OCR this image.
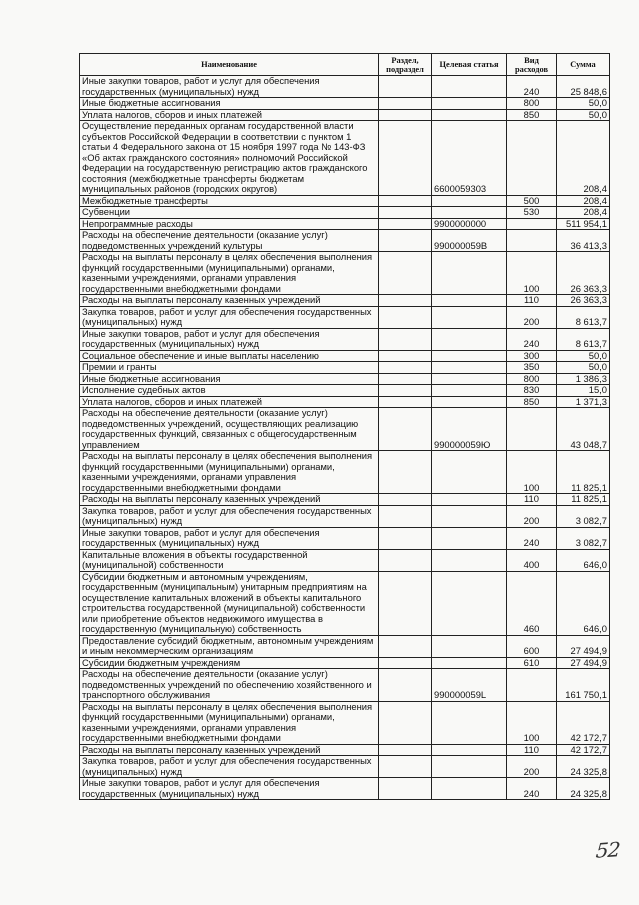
Наименование	Раздел, подраздел	Целевая статья	Вид расходов	Сумма
Иные закупки товаров, работ и услуг для обеспечения государственных (муниципальных) нужд			240	25 848,6
Иные бюджетные ассигнования			800	50,0
Уплата налогов, сборов и иных платежей			850	50,0
Осуществление переданных органам государственной власти субъектов Российской Федерации в соответствии с пунктом 1 статьи 4 Федерального закона от 15 ноября 1997 года № 143-ФЗ «Об актах гражданского состояния» полномочий Российской Федерации на государственную регистрацию актов гражданского состояния (межбюджетные трансферты бюджетам муниципальных районов (городских округов)		6600059303		208,4
Межбюджетные трансферты			500	208,4
Субвенции			530	208,4
Непрограммные расходы		9900000000		511 954,1
Расходы на обеспечение деятельности (оказание услуг) подведомственных учреждений культуры		990000059В		36 413,3
Расходы на выплаты персоналу в целях обеспечения выполнения функций государственными (муниципальными) органами, казенными учреждениями, органами управления государственными внебюджетными фондами			100	26 363,3
Расходы на выплаты персоналу казенных учреждений			110	26 363,3
Закупка товаров, работ и услуг для обеспечения государственных (муниципальных) нужд			200	8 613,7
Иные закупки товаров, работ и услуг для обеспечения государственных (муниципальных) нужд			240	8 613,7
Социальное обеспечение и иные выплаты населению			300	50,0
Премии и гранты			350	50,0
Иные бюджетные ассигнования			800	1 386,3
Исполнение судебных актов			830	15,0
Уплата налогов, сборов и иных платежей			850	1 371,3
Расходы на обеспечение деятельности (оказание услуг) подведомственных учреждений, осуществляющих реализацию государственных функций, связанных с общегосударственным управлением		990000059Ю		43 048,7
Расходы на выплаты персоналу в целях обеспечения выполнения функций государственными (муниципальными) органами, казенными учреждениями, органами управления государственными внебюджетными фондами			100	11 825,1
Расходы на выплаты персоналу казенных учреждений			110	11 825,1
Закупка товаров, работ и услуг для обеспечения государственных (муниципальных) нужд			200	3 082,7
Иные закупки товаров, работ и услуг для обеспечения государственных (муниципальных) нужд			240	3 082,7
Капитальные вложения в объекты государственной (муниципальной) собственности			400	646,0
Субсидии бюджетным и автономным учреждениям, государственным (муниципальным) унитарным предприятиям на осуществление капитальных вложений в объекты капитального строительства государственной (муниципальной) собственности или приобретение объектов недвижимого имущества в государственную (муниципальную) собственность			460	646,0
Предоставление субсидий бюджетным, автономным учреждениям и иным некоммерческим организациям			600	27 494,9
Субсидии бюджетным учреждениям			610	27 494,9
Расходы на обеспечение деятельности (оказание услуг) подведомственных учреждений по обеспечению хозяйственного и транспортного обслуживания		990000059L		161 750,1
Расходы на выплаты персоналу в целях обеспечения выполнения функций государственными (муниципальными) органами, казенными учреждениями, органами управления государственными внебюджетными фондами			100	42 172,7
Расходы на выплаты персоналу казенных учреждений			110	42 172,7
Закупка товаров, работ и услуг для обеспечения государственных (муниципальных) нужд			200	24 325,8
Иные закупки товаров, работ и услуг для обеспечения государственных (муниципальных) нужд			240	24 325,8
52
